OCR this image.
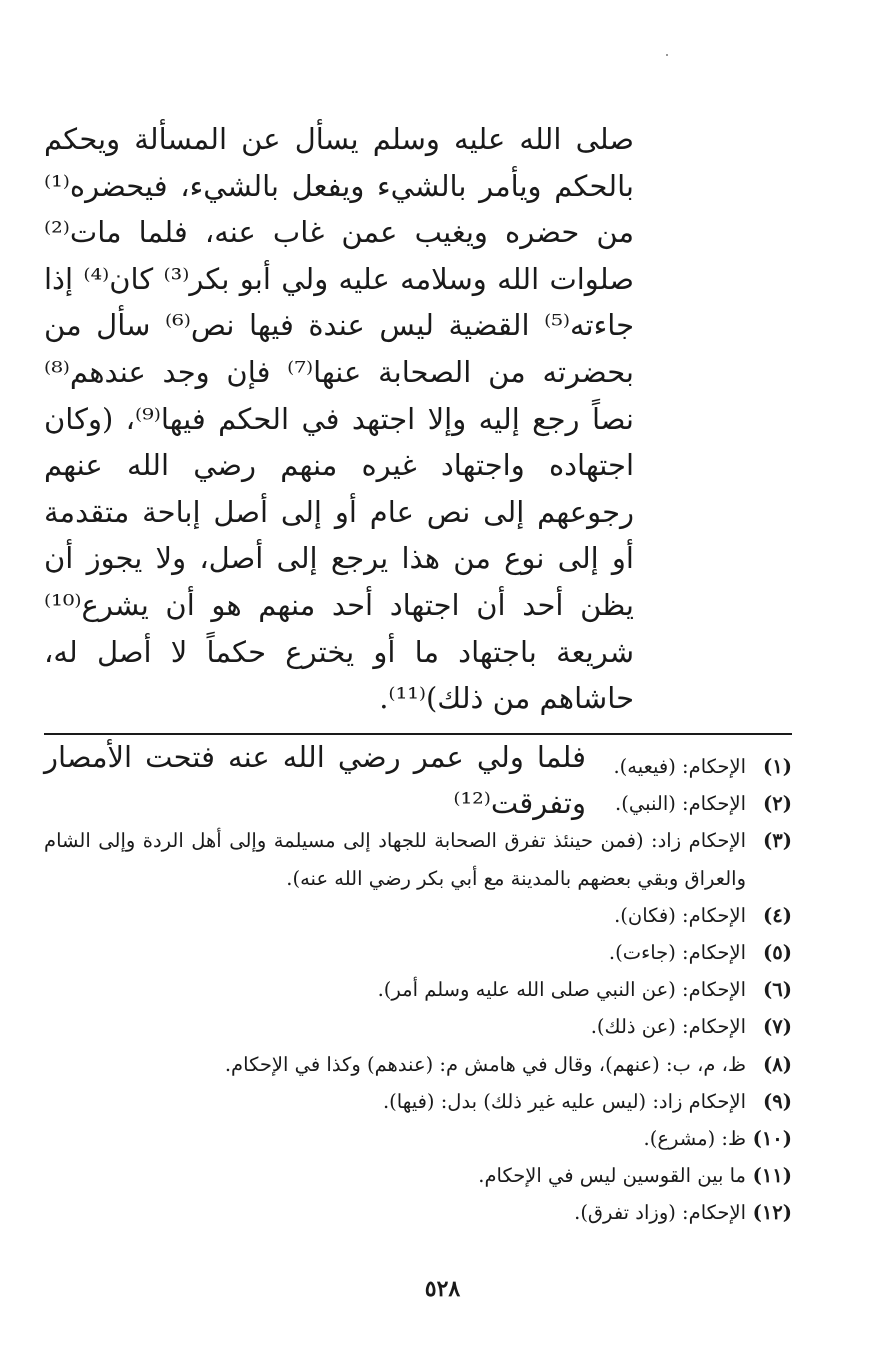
صلى الله عليه وسلم يسأل عن المسألة ويحكم بالحكم ويأمر بالشيء ويفعل بالشيء، فيحضره⁽¹⁾ من حضره ويغيب عمن غاب عنه، فلما مات⁽²⁾ صلوات الله وسلامه عليه ولي أبو بكر⁽³⁾ كان⁽⁴⁾ إذا جاءته⁽⁵⁾ القضية ليس عندة فيها نص⁽⁶⁾ سأل من بحضرته من الصحابة عنها⁽⁷⁾ فإن وجد عندهم⁽⁸⁾ نصاً رجع إليه وإلا اجتهد في الحكم فيها⁽⁹⁾، (وكان اجتهاده واجتهاد غيره منهم رضي الله عنهم رجوعهم إلى نص عام أو إلى أصل إباحة متقدمة أو إلى نوع من هذا يرجع إلى أصل، ولا يجوز أن يظن أحد أن اجتهاد أحد منهم هو أن يشرع⁽¹⁰⁾ شريعة باجتهاد ما أو يخترع حكماً لا أصل له، حاشاهم من ذلك)⁽¹¹⁾.

فلما ولي عمر رضي الله عنه فتحت الأمصار وتفرقت⁽¹²⁾

(١)
الإحكام: (فيعيه).
(٢)
الإحكام: (النبي).
(٣)
الإحكام زاد: (فمن حينئذ تفرق الصحابة للجهاد إلى مسيلمة وإلى أهل الردة وإلى الشام والعراق وبقي بعضهم بالمدينة مع أبي بكر رضي الله عنه).
(٤)
الإحكام: (فكان).
(٥)
الإحكام: (جاءت).
(٦)
الإحكام: (عن النبي صلى الله عليه وسلم أمر).
(٧)
الإحكام: (عن ذلك).
(٨)
ظ، م، ب: (عنهم)، وقال في هامش م: (عندهم) وكذا في الإحكام.
(٩)
الإحكام زاد: (ليس عليه غير ذلك) بدل: (فيها).
(١٠)
ظ: (مشرع).
(١١)
ما بين القوسين ليس في الإحكام.
(١٢)
الإحكام: (وزاد تفرق).
٥٢٨
